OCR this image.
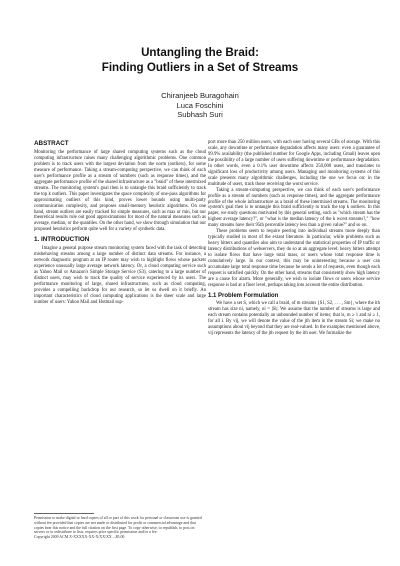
Untangling the Braid:
Finding Outliers in a Set of Streams
Chiranjeeb Buragohain
Luca Foschini
Subhash Suri
ABSTRACT

Monitoring the performance of large shared computing systems such as the cloud computing infrastructure raises many challenging algorithmic problems. One common problem is to track users with the largest deviation from the norm (outliers), for some measure of performance. Taking a stream-computing perspective, we can think of each user's performance profile as a stream of numbers (such as response times), and the aggregate performance profile of the shared infrastructure as a "braid" of these intermixed streams. The monitoring system's goal then is to untangle this braid sufficiently to track the top k outliers. This paper investigates the space complexity of one-pass algorithms for approximating outliers of this kind, proves lower bounds using multi-party communication complexity, and proposes small-memory heuristic algorithms. On one hand, stream outliers are easily tracked for simple measures, such as max or min, but our theoretical results rule out good approximations for most of the natural measures such as average, median, or the quantiles. On the other hand, we show through simulation that our proposed heuristics perform quite well for a variety of synthetic data.

1. INTRODUCTION

Imagine a general purpose stream monitoring system faced with the task of detecting misbehaving streams among a large number of distinct data streams. For instance, a network diagnostic program at an IP router may wish to highlight flows whose packets experience unusually large average network latency. Or, a cloud computing service such as Yahoo Mail or Amazon's Simple Storage Service (S3), catering to a large number of distinct users, may wish to track the quality of service experienced by its users. The performance monitoring of large, shared infrastructures, such as cloud computing, provides a compelling backdrop for our research, so let us dwell on it briefly. An important characteristics of cloud computing applications is the sheer scale and large number of users: Yahoo Mail and Hotmail sup-

Permission to make digital or hard copies of all or part of this work for personal or classroom use is granted without fee provided that copies are not made or distributed for profit or commercial advantage and that copies bear this notice and the full citation on the first page. To copy otherwise, to republish, to post on servers or to redistribute to lists, requires prior specific permission and/or a fee.
Copyright 2009 ACM X-XXXXX-XX-X/XX/XX ...$5.00.

port more than 250 million users, with each user having several GBs of storage. With this scale, any downtime or performance degradation affects many users: even a guarantee of 99.9% availability (the published number for Google Apps, including Gmail) leaves open the possibility of a large number of users suffering downtime or performance degradation. In other words, even a 0.1% user downtime affects 250,000 users, and translates to significant loss of productivity among users. Managing and monitoring systems of this scale presents many algorithmic challenges, including the one we focus on: in the multitude of users, track those receiving the worst service.

Taking a stream-computing perspective, we can think of each user's performance profile as a stream of numbers (such as response times), and the aggregate performance profile of the whole infrastructure as a braid of these intermixed streams. The monitoring system's goal then is to untangle this braid sufficiently to track the top k outliers. In this paper, we study questions motivated by this general setting, such as "which stream has the highest average latency?", or "what is the median latency of the k worst streams?," "how many streams have their 95th percentile latency less than a given value?" and so on.

These problems seem to require peering into individual streams more deeply than typically studied in most of the extant literature. In particular, while problems such as heavy hitters and quantiles also aim to understand the statistical properties of IP traffic or latency distributions of webservers, they do so at an aggregate level: heavy hitters attempt to isolate flows that have large total mass, or users whose total response time is cumulatively large. In our context, this may be uninteresting because a user can accumulate large total response time because he sends a lot of requests, even though each request is satisfied quickly. On the other hand, streams that consistently show high latency are a cause for alarm. More generally, we wish to isolate flows or users whose service response is bad at a finer level, perhaps taking into account the entire distribution.

1.1 Problem Formulation

We have a set S, which we call a braid, of m streams {S1, S2, . . . , Sm}, where the ith stream has size ni, namely, ni = |Si|. We assume that the number of streams is large and each stream contains potentially an unbounded number of items; that is, m ≥ 1 and ni ≥ 1, for all i. By vij, we will denote the value of the jth item in the stream Si; we make no assumptions about vij beyond that they are real-valued. In the examples mentioned above, vij represents the latency of the jth request by the ith user. We formalize the
